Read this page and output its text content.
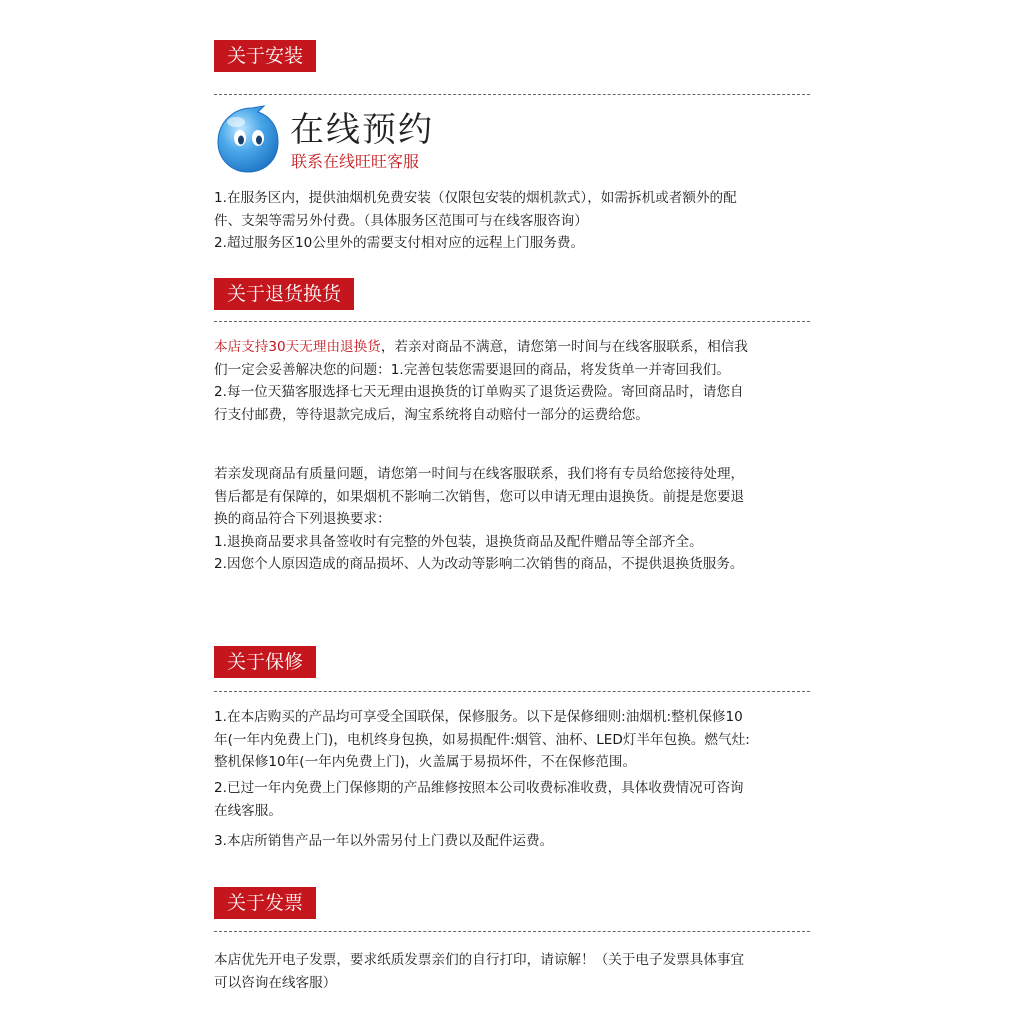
关于安装
在线预约
联系在线旺旺客服

1.在服务区内，提供油烟机免费安装（仅限包安装的烟机款式），如需拆机或者额外的配

件、支架等需另外付费。（具体服务区范围可与在线客服咨询）

2.超过服务区10公里外的需要支付相对应的远程上门服务费。

关于退货换货

本店支持30天无理由退换货，若亲对商品不满意，请您第一时间与在线客服联系，相信我

们一定会妥善解决您的问题：1.完善包装您需要退回的商品，将发货单一并寄回我们。

2.每一位天猫客服选择七天无理由退换货的订单购买了退货运费险。寄回商品时，请您自

行支付邮费，等待退款完成后，淘宝系统将自动赔付一部分的运费给您。

若亲发现商品有质量问题，请您第一时间与在线客服联系，我们将有专员给您接待处理，

售后都是有保障的，如果烟机不影响二次销售，您可以申请无理由退换货。前提是您要退

换的商品符合下列退换要求：

1.退换商品要求具备签收时有完整的外包装，退换货商品及配件赠品等全部齐全。

2.因您个人原因造成的商品损坏、人为改动等影响二次销售的商品，不提供退换货服务。

关于保修

1.在本店购买的产品均可享受全国联保，保修服务。以下是保修细则:油烟机:整机保修10

年(一年内免费上门)，电机终身包换，如易损配件:烟管、油杯、LED灯半年包换。燃气灶:

整机保修10年(一年内免费上门)，火盖属于易损坏件，不在保修范围。

2.已过一年内免费上门保修期的产品维修按照本公司收费标准收费，具体收费情况可咨询

在线客服。

3.本店所销售产品一年以外需另付上门费以及配件运费。

关于发票

本店优先开电子发票，要求纸质发票亲们的自行打印，请谅解！（关于电子发票具体事宜

可以咨询在线客服）
